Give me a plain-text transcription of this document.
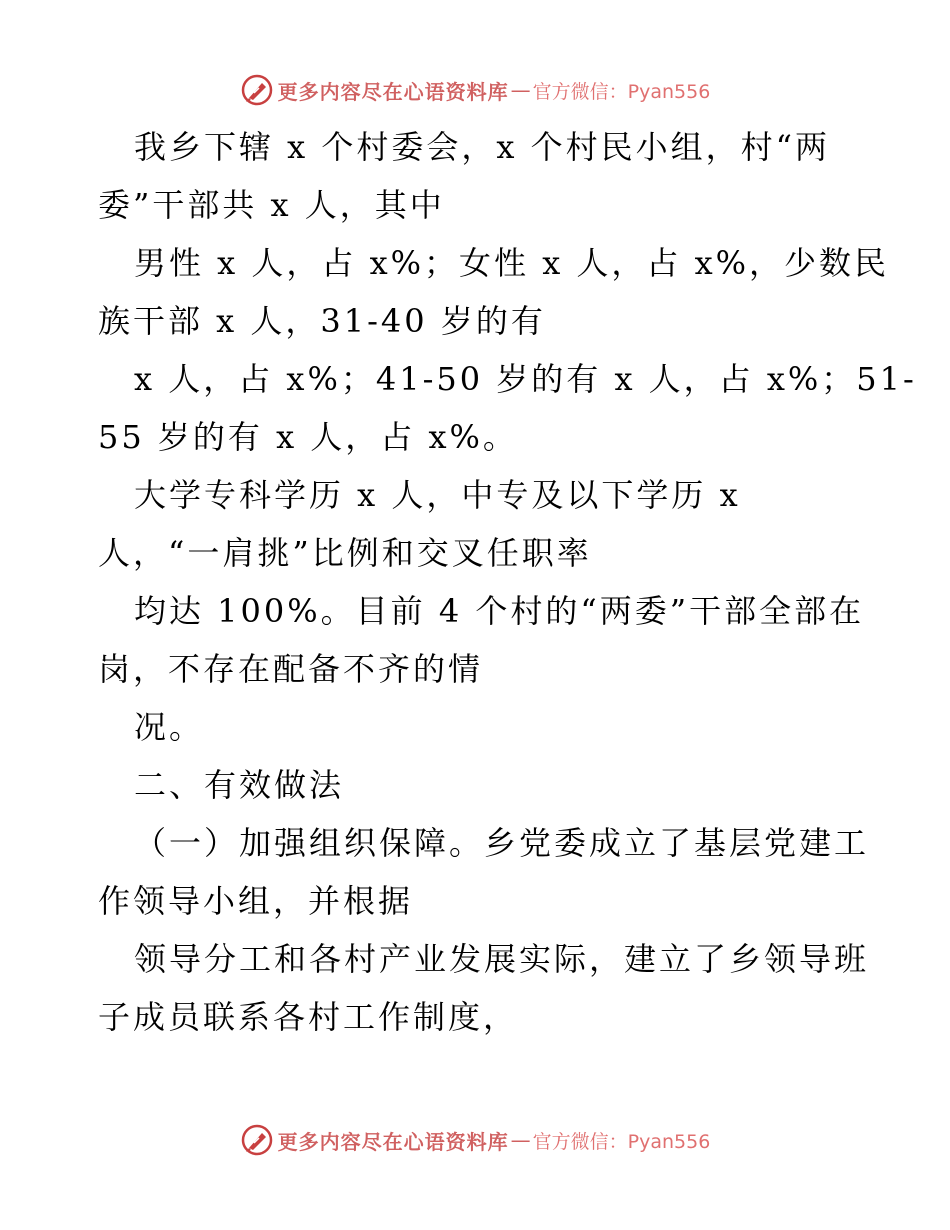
更多内容尽在心语资料库 — 官方微信：Pyan556
我乡下辖 x 个村委会，x 个村民小组，村“两
委”干部共 x 人，其中
男性 x 人，占 x%；女性 x 人，占 x%，少数民
族干部 x 人，31-40 岁的有
x 人，占 x%；41-50 岁的有 x 人，占 x%；51-
55 岁的有 x 人，占 x%。
大学专科学历 x 人，中专及以下学历 x
人，“一肩挑”比例和交叉任职率
均达 100%。目前 4 个村的“两委”干部全部在
岗，不存在配备不齐的情
况。
二、有效做法
（一）加强组织保障。乡党委成立了基层党建工
作领导小组，并根据
领导分工和各村产业发展实际，建立了乡领导班
子成员联系各村工作制度，
更多内容尽在心语资料库 — 官方微信：Pyan556
